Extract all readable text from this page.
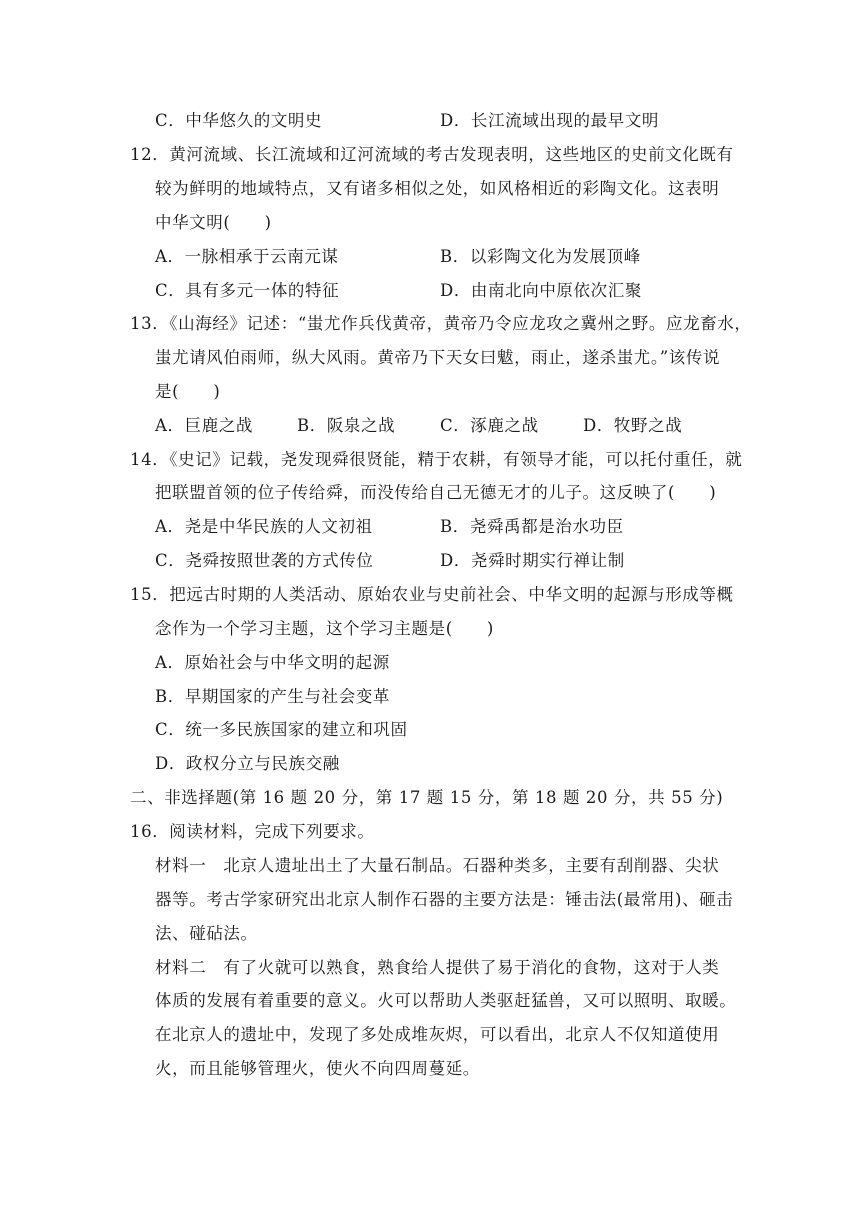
C．中华悠久的文明史	D．长江流域出现的最早文明
12．黄河流域、长江流域和辽河流域的考古发现表明，这些地区的史前文化既有
较为鲜明的地域特点，又有诸多相似之处，如风格相近的彩陶文化。这表明
中华文明(　　)
A．一脉相承于云南元谋	B．以彩陶文化为发展顶峰
C．具有多元一体的特征	D．由南北向中原依次汇聚
13．《山海经》记述：“蚩尤作兵伐黄帝，黄帝乃令应龙攻之冀州之野。应龙畜水，
蚩尤请风伯雨师，纵大风雨。黄帝乃下天女曰魃，雨止，遂杀蚩尤。”该传说
是(　　)
A．巨鹿之战	B．阪泉之战	C．涿鹿之战	D．牧野之战
14．《史记》记载，尧发现舜很贤能，精于农耕，有领导才能，可以托付重任，就
把联盟首领的位子传给舜，而没传给自己无德无才的儿子。这反映了(　　)
A．尧是中华民族的人文初祖	B．尧舜禹都是治水功臣
C．尧舜按照世袭的方式传位	D．尧舜时期实行禅让制
15．把远古时期的人类活动、原始农业与史前社会、中华文明的起源与形成等概
念作为一个学习主题，这个学习主题是(　　)
A．原始社会与中华文明的起源
B．早期国家的产生与社会变革
C．统一多民族国家的建立和巩固
D．政权分立与民族交融
二、非选择题(第 16 题 20 分，第 17 题 15 分，第 18 题 20 分，共 55 分)
16．阅读材料，完成下列要求。
材料一　北京人遗址出土了大量石制品。石器种类多，主要有刮削器、尖状
器等。考古学家研究出北京人制作石器的主要方法是：锤击法(最常用)、砸击
法、碰砧法。
材料二　有了火就可以熟食，熟食给人提供了易于消化的食物，这对于人类
体质的发展有着重要的意义。火可以帮助人类驱赶猛兽，又可以照明、取暖。
在北京人的遗址中，发现了多处成堆灰烬，可以看出，北京人不仅知道使用
火，而且能够管理火，使火不向四周蔓延。
